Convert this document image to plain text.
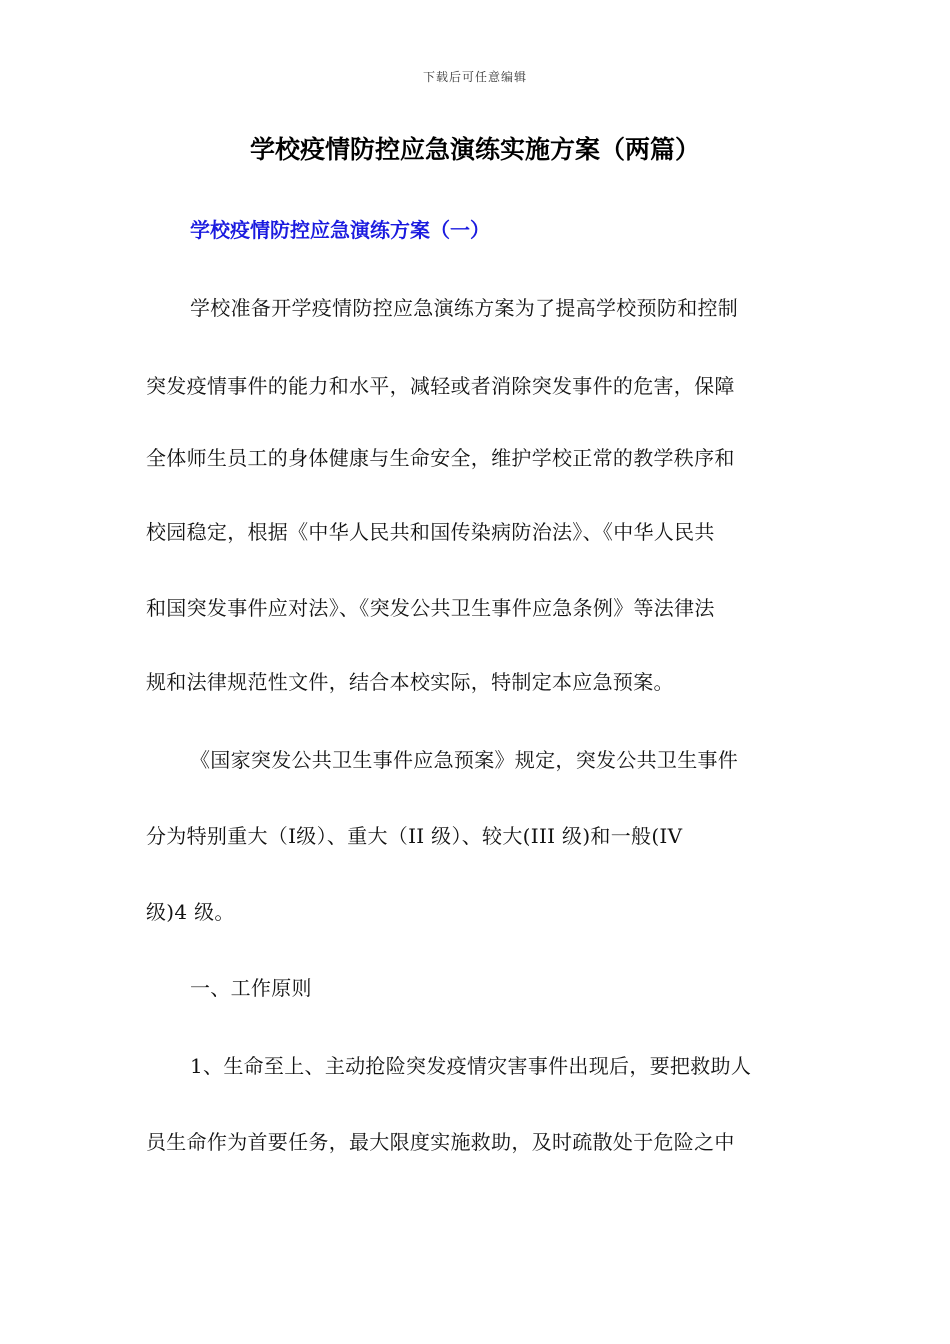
下载后可任意编辑
学校疫情防控应急演练实施方案（两篇）
学校疫情防控应急演练方案（一）
学校准备开学疫情防控应急演练方案为了提高学校预防和控制
突发疫情事件的能力和水平，减轻或者消除突发事件的危害，保障
全体师生员工的身体健康与生命安全，维护学校正常的教学秩序和
校园稳定，根据《中华人民共和国传染病防治法》、《中华人民共
和国突发事件应对法》、《突发公共卫生事件应急条例》等法律法
规和法律规范性文件，结合本校实际，特制定本应急预案。
《国家突发公共卫生事件应急预案》规定，突发公共卫生事件
分为特别重大（Ⅰ级）、重大（II 级）、较大(III 级)和一般(IV
级)4 级。
一、工作原则
1、生命至上、主动抢险突发疫情灾害事件出现后，要把救助人
员生命作为首要任务，最大限度实施救助，及时疏散处于危险之中
